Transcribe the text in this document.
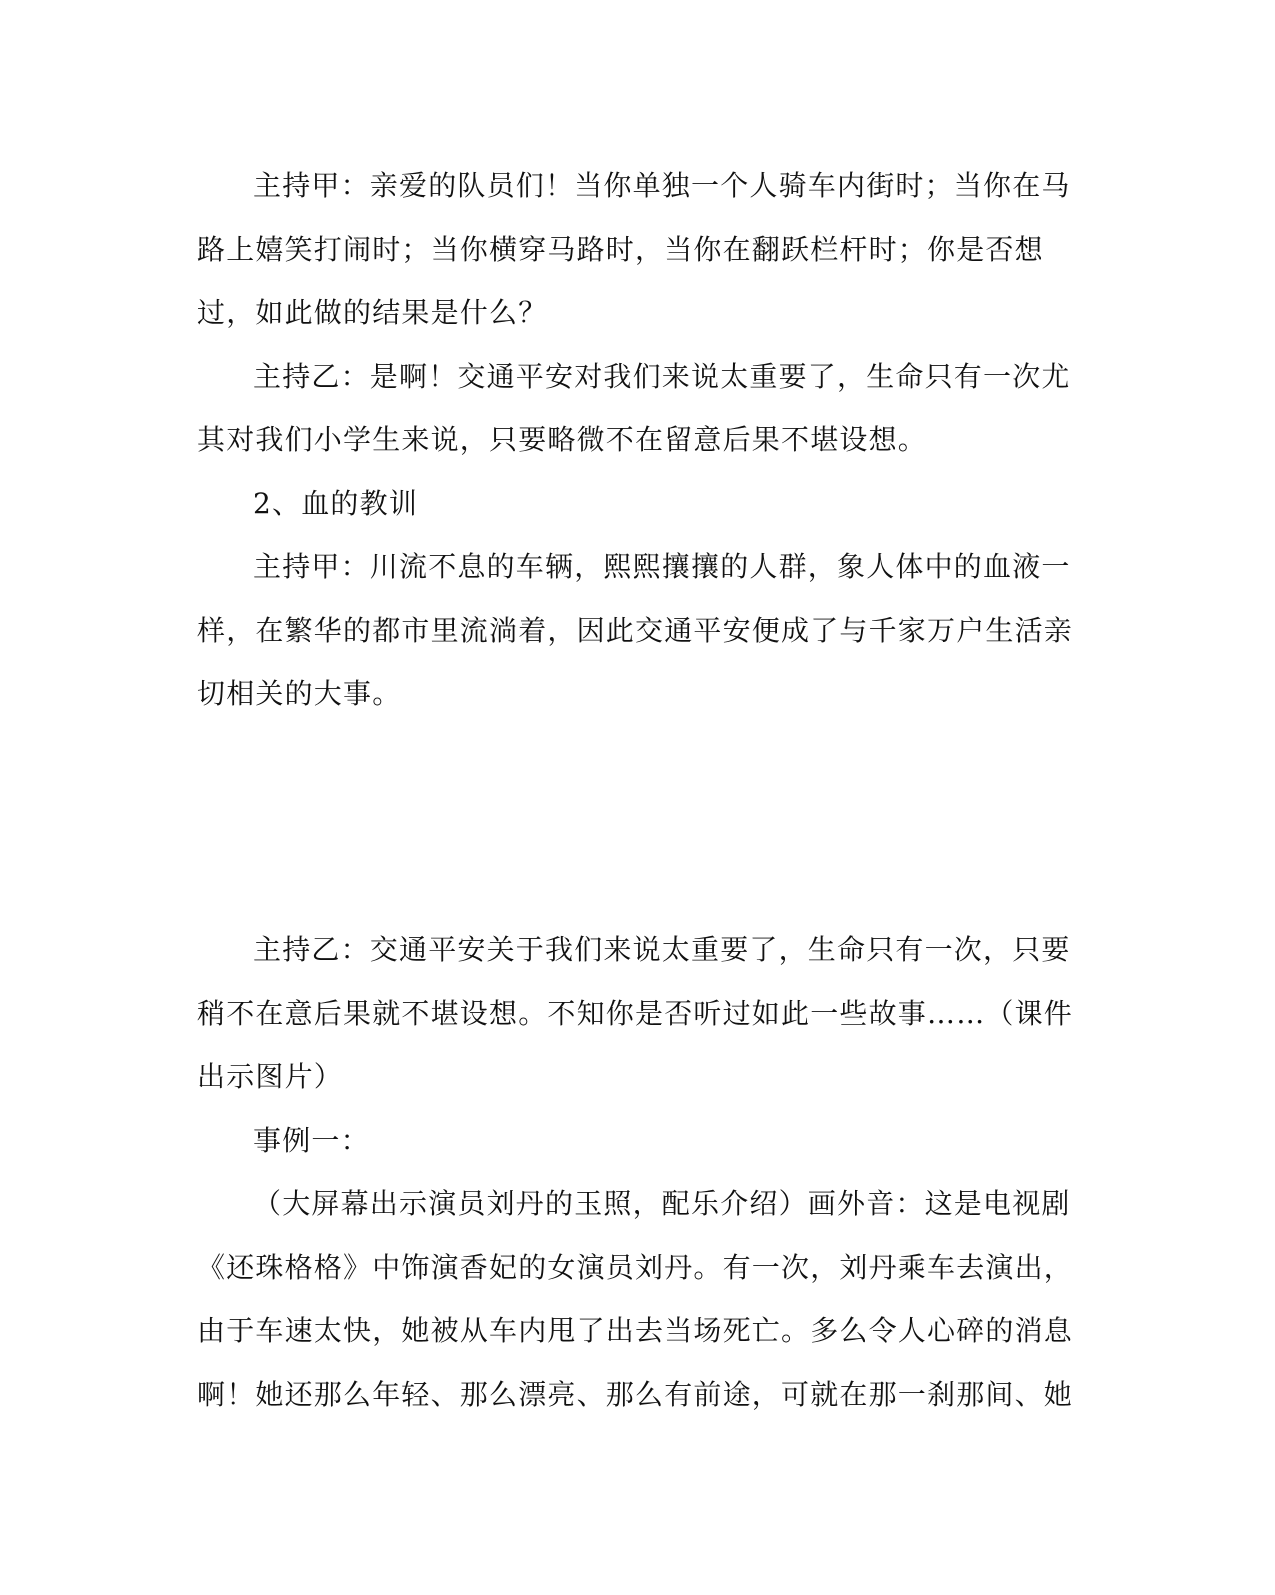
主持甲：亲爱的队员们！当你单独一个人骑车内街时；当你在马路上嬉笑打闹时；当你横穿马路时，当你在翻跃栏杆时；你是否想过，如此做的结果是什么？

主持乙：是啊！交通平安对我们来说太重要了，生命只有一次尤其对我们小学生来说，只要略微不在留意后果不堪设想。

2、血的教训

主持甲：川流不息的车辆，熙熙攘攘的人群，象人体中的血液一样，在繁华的都市里流淌着，因此交通平安便成了与千家万户生活亲切相关的大事。

主持乙：交通平安关于我们来说太重要了，生命只有一次，只要稍不在意后果就不堪设想。不知你是否听过如此一些故事……（课件出示图片）

事例一：

（大屏幕出示演员刘丹的玉照，配乐介绍）画外音：这是电视剧《还珠格格》中饰演香妃的女演员刘丹。有一次，刘丹乘车去演出，由于车速太快，她被从车内甩了出去当场死亡。多么令人心碎的消息啊！她还那么年轻、那么漂亮、那么有前途，可就在那一刹那间、她
